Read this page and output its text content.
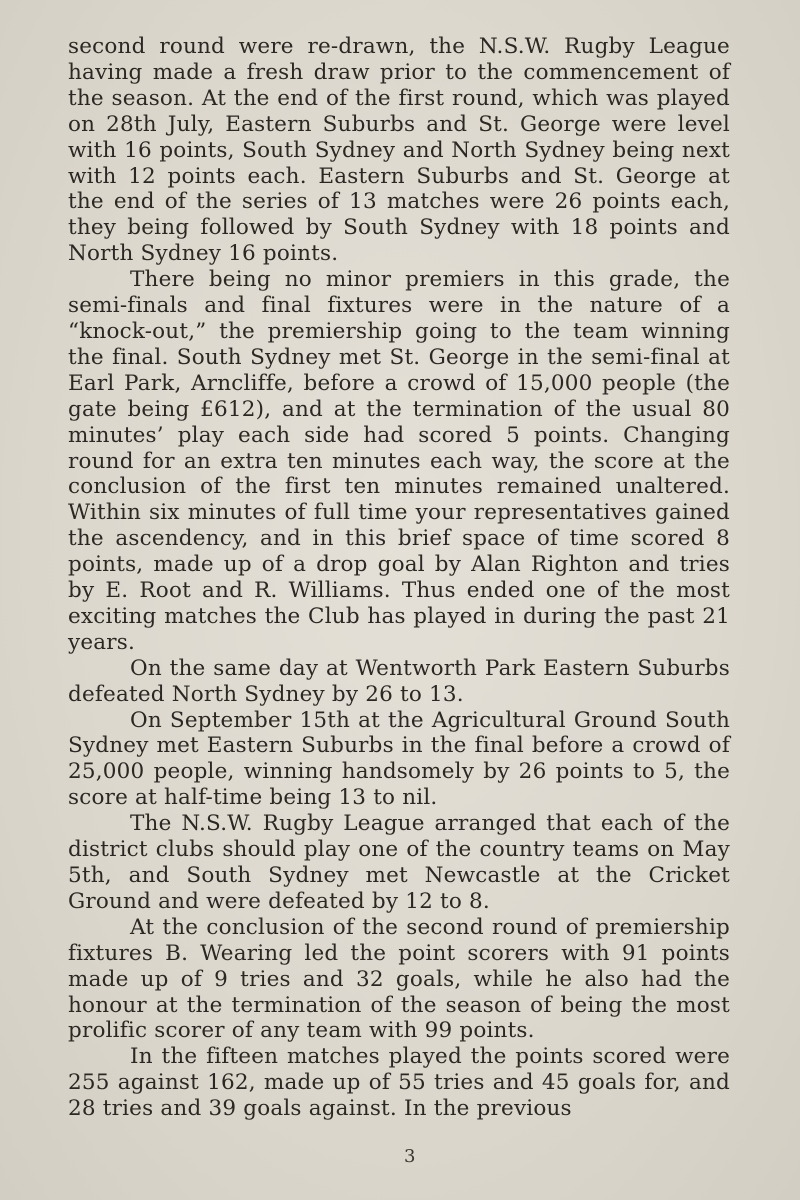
second round were re-drawn, the N.S.W. Rugby League having made a fresh draw prior to the commencement of the season. At the end of the first round, which was played on 28th July, Eastern Suburbs and St. George were level with 16 points, South Sydney and North Sydney being next with 12 points each. Eastern Suburbs and St. George at the end of the series of 13 matches were 26 points each, they being followed by South Sydney with 18 points and North Sydney 16 points.

There being no minor premiers in this grade, the semi-finals and final fixtures were in the nature of a “knock-out,” the premiership going to the team winning the final. South Sydney met St. George in the semi-final at Earl Park, Arncliffe, before a crowd of 15,000 people (the gate being £612), and at the termination of the usual 80 minutes’ play each side had scored 5 points. Changing round for an extra ten minutes each way, the score at the conclusion of the first ten minutes remained unaltered. Within six minutes of full time your representatives gained the ascendency, and in this brief space of time scored 8 points, made up of a drop goal by Alan Righton and tries by E. Root and R. Williams. Thus ended one of the most exciting matches the Club has played in during the past 21 years.

On the same day at Wentworth Park Eastern Suburbs defeated North Sydney by 26 to 13.

On September 15th at the Agricultural Ground South Sydney met Eastern Suburbs in the final before a crowd of 25,000 people, winning handsomely by 26 points to 5, the score at half-time being 13 to nil.

The N.S.W. Rugby League arranged that each of the district clubs should play one of the country teams on May 5th, and South Sydney met Newcastle at the Cricket Ground and were defeated by 12 to 8.

At the conclusion of the second round of premiership fixtures B. Wearing led the point scorers with 91 points made up of 9 tries and 32 goals, while he also had the honour at the termination of the season of being the most prolific scorer of any team with 99 points.

In the fifteen matches played the points scored were 255 against 162, made up of 55 tries and 45 goals for, and 28 tries and 39 goals against. In the previous

3
